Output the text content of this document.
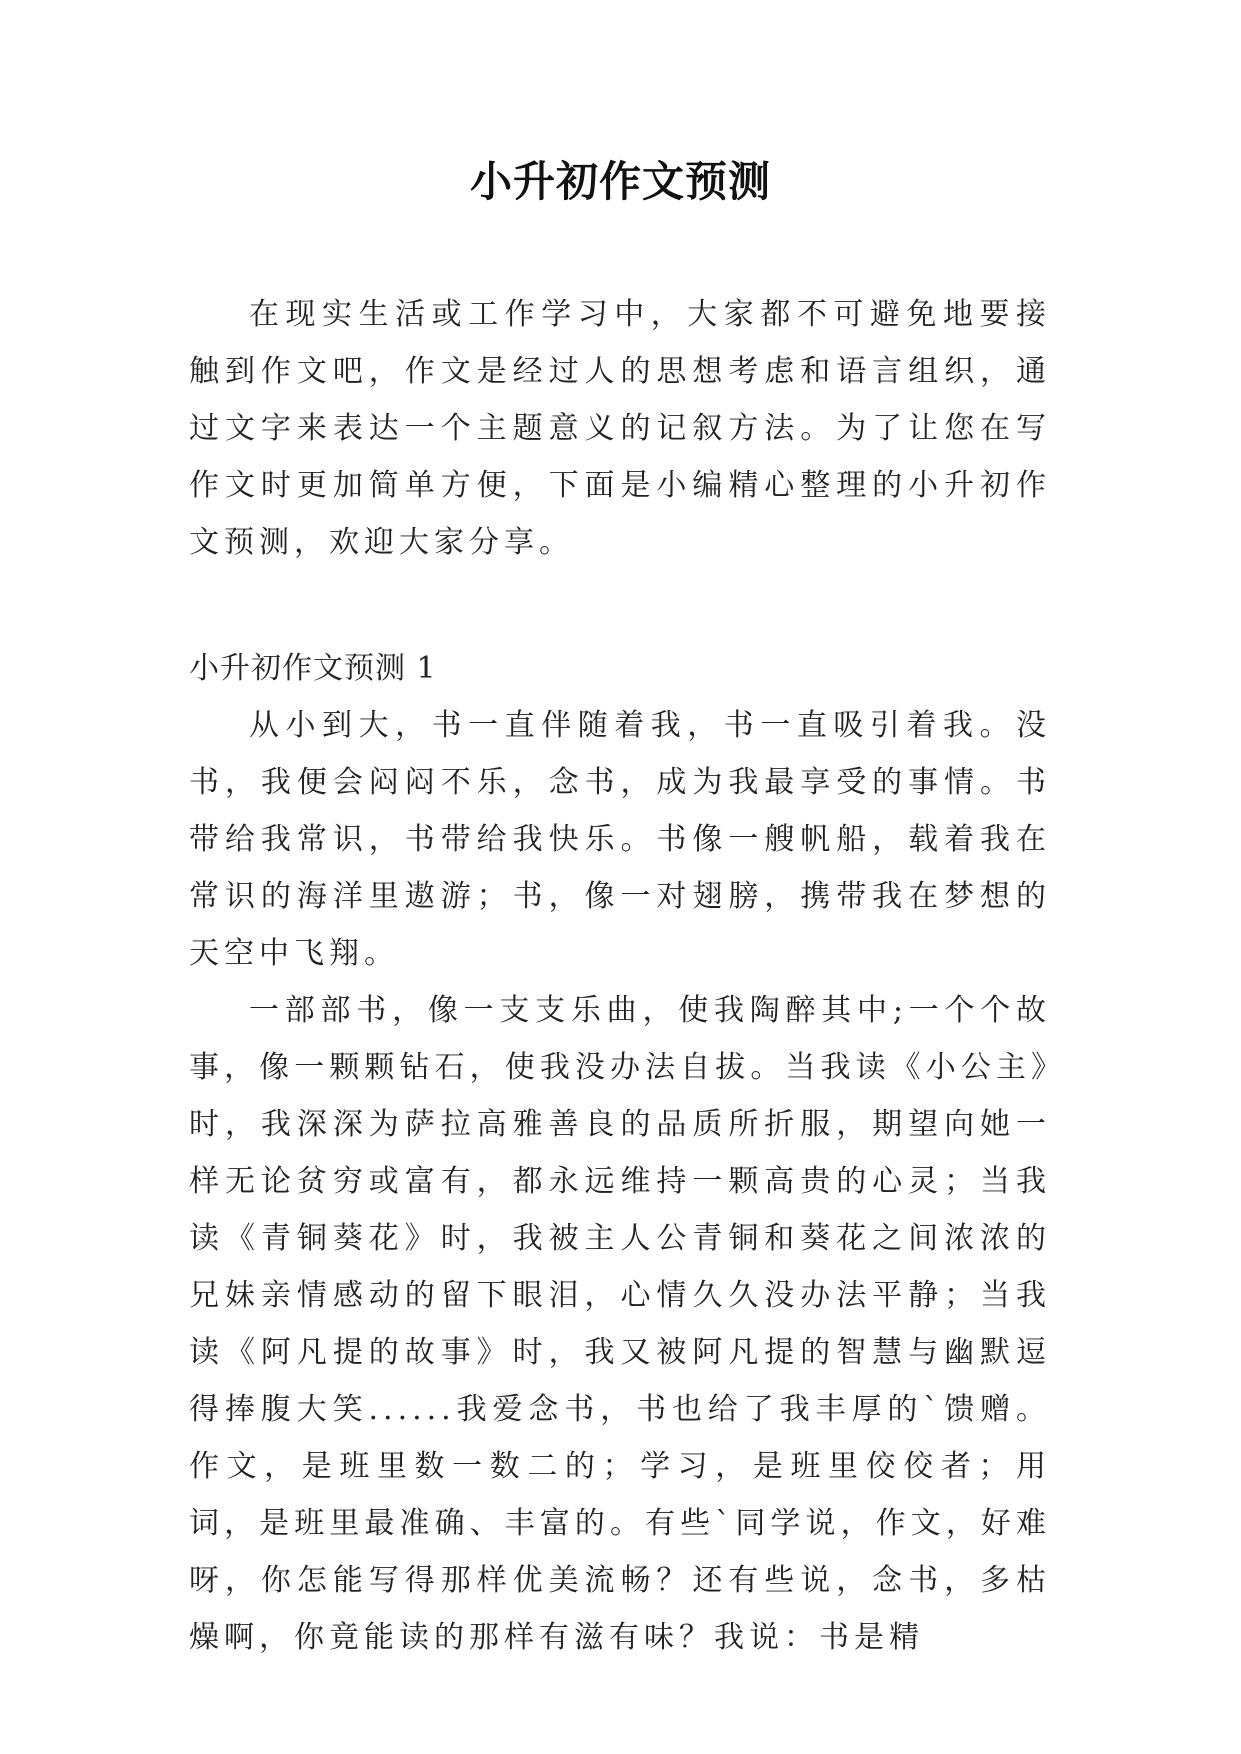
小升初作文预测

在现实生活或工作学习中，大家都不可避免地要接触到作文吧，作文是经过人的思想考虑和语言组织，通过文字来表达一个主题意义的记叙方法。为了让您在写作文时更加简单方便，下面是小编精心整理的小升初作文预测，欢迎大家分享。

小升初作文预测 1

从小到大，书一直伴随着我，书一直吸引着我。没书，我便会闷闷不乐，念书，成为我最享受的事情。书带给我常识，书带给我快乐。书像一艘帆船，载着我在常识的海洋里遨游；书，像一对翅膀，携带我在梦想的天空中飞翔。

一部部书，像一支支乐曲，使我陶醉其中;一个个故事，像一颗颗钻石，使我没办法自拔。当我读《小公主》时，我深深为萨拉高雅善良的品质所折服，期望向她一样无论贫穷或富有，都永远维持一颗高贵的心灵；当我读《青铜葵花》时，我被主人公青铜和葵花之间浓浓的兄妹亲情感动的留下眼泪，心情久久没办法平静；当我读《阿凡提的故事》时，我又被阿凡提的智慧与幽默逗得捧腹大笑......我爱念书，书也给了我丰厚的`馈赠。作文，是班里数一数二的；学习，是班里佼佼者；用词，是班里最准确、丰富的。有些`同学说，作文，好难呀，你怎能写得那样优美流畅？还有些说，念书，多枯燥啊，你竟能读的那样有滋有味？我说：书是精
